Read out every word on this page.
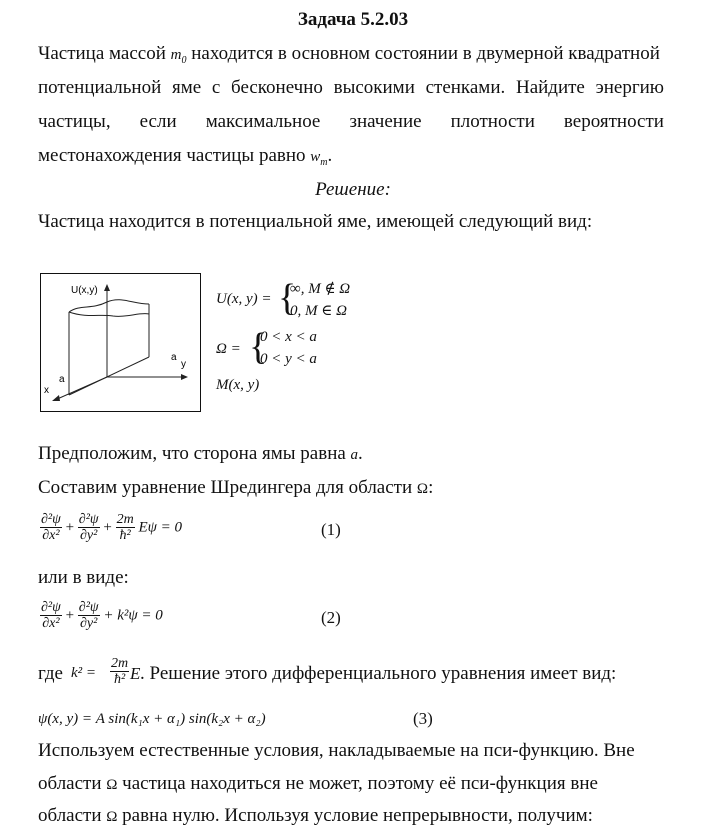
Задача 5.2.03
Частица массой $m_0$ находится в основном состоянии в двумерной квадратной
потенциальной яме с бесконечно высокими стенками. Найдите энергию
частицы, если максимальное значение плотности вероятности
местонахождения частицы равно $w_m$.
Решение:
Частица находится в потенциальной яме, имеющей следующий вид:
U(x,y)
a
y
a
x
U(x, y) = {
∞, M ∉ Ω
0, M ∈ Ω
Ω = {
0 < x < a
0 < y < a
M(x, y)
Предположим, что сторона ямы равна a.
Составим уравнение Шредингера для области Ω:
$\frac{\text{∂²ψ}}{\text{∂x²}} + \frac{\text{∂²ψ}}{\text{∂y²}} + \frac{2m}{\text{ħ²}}$ Eψ = 0	(1)
или в виде:
$\frac{\text{∂²ψ}}{\text{∂x²}} + \frac{\text{∂²ψ}}{\text{∂y²}} + k^2\psi = 0$	(2)
где $k^2 = \frac{2m}{\text{ħ²}}$ E . Решение этого дифференциального уравнения имеет вид:
ψ(x, y) = A sin(k₁x + α₁) sin(k₂x + α₂)	(3)
Используем естественные условия, накладываемые на пси-функцию. Вне
области Ω частица находиться не может, поэтому её пси-функция вне
области Ω равна нулю. Используя условие непрерывности, получим:
